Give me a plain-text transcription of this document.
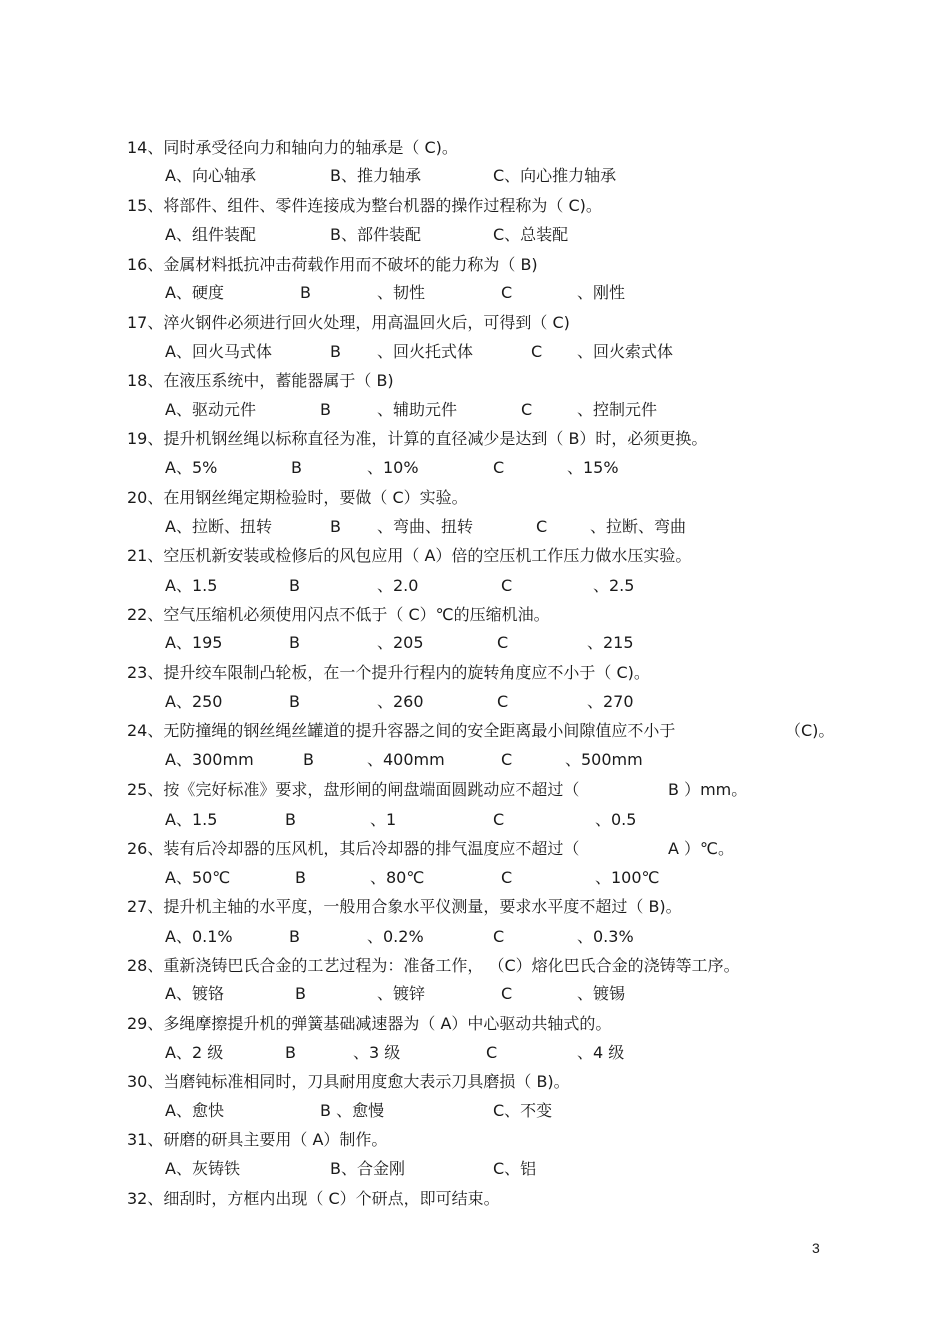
14、同时承受径向力和轴向力的轴承是（ C)。
A、向心轴承	B、推力轴承	C、向心推力轴承
15、将部件、组件、零件连接成为整台机器的操作过程称为（ C)。
A、组件装配	B、部件装配	C、总装配
16、金属材料抵抗冲击荷载作用而不破坏的能力称为（ B)
A、硬度	B	、韧性	C	、刚性
17、淬火钢件必须进行回火处理，用高温回火后，可得到（ C)
A、回火马式体	B 、回火托式体	C 、回火索式体
18、在液压系统中，蓄能器属于（ B)
A、驱动元件	B	、辅助元件	C	、控制元件
19、提升机钢丝绳以标称直径为准，计算的直径减少是达到（ B）时，必须更换。
A、5%	B	、10%	C	、15%
20、在用钢丝绳定期检验时，要做（ C）实验。
A、拉断、扭转	B 、弯曲、扭转	C	、拉断、弯曲
21、空压机新安装或检修后的风包应用（ A）倍的空压机工作压力做水压实验。
A、1.5	B	、2.0	C	、2.5
22、空气压缩机必须使用闪点不低于（ C）℃的压缩机油。
A、195	B	、205	C	、215
23、提升绞车限制凸轮板，在一个提升行程内的旋转角度应不小于（ C)。
A、250	B	、260	C	、270
24、无防撞绳的钢丝绳丝罐道的提升容器之间的安全距离最小间隙值应不小于	（C)。
A、300mm	B	、400mm	C	、500mm
25、按《完好标准》要求，盘形闸的闸盘端面圆跳动应不超过（	B ）mm。
A、1.5	B	、1	C	、0.5
26、装有后冷却器的压风机，其后冷却器的排气温度应不超过（	A ）℃。
A、50℃	B	、80℃	C	、100℃
27、提升机主轴的水平度，一般用合象水平仪测量，要求水平度不超过（ B)。
A、0.1%	B	、0.2%	C	、0.3%
28、重新浇铸巴氏合金的工艺过程为：准备工作， （C）熔化巴氏合金的浇铸等工序。
A、镀铬	B	、镀锌	C	、镀锡
29、多绳摩擦提升机的弹簧基础减速器为（ A）中心驱动共轴式的。
A、2 级	B	、3 级	C	、4 级
30、当磨钝标准相同时，刀具耐用度愈大表示刀具磨损（ B)。
A、愈快	B 、愈慢	C、不变
31、研磨的研具主要用（ A）制作。
A、灰铸铁	B、合金刚	C、铝
32、细刮时，方框内出现（ C）个研点，即可结束。
3
